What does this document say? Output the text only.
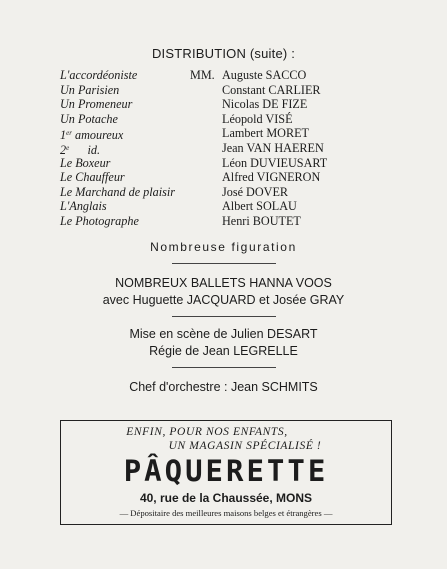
DISTRIBUTION (suite) :
L'accordéoniste	MM. Auguste SACCO
Un Parisien	Constant CARLIER
Un Promeneur	Nicolas DE FIZE
Un Potache	Léopold VISÉ
1er amoureux	Lambert MORET
2e      id.	Jean VAN HAEREN
Le Boxeur	Léon DUVIEUSART
Le Chauffeur	Alfred VIGNERON
Le Marchand de plaisir	José DOVER
L'Anglais	Albert SOLAU
Le Photographe	Henri BOUTET
Nombreuse figuration
NOMBREUX BALLETS HANNA VOOS
avec Huguette JACQUARD et Josée GRAY
Mise en scène de Julien DESART
Régie de Jean LEGRELLE
Chef d'orchestre : Jean SCHMITS
ENFIN, POUR NOS ENFANTS,
UN MAGASIN SPÉCIALISÉ !
PÂQUERETTE
40, rue de la Chaussée, MONS
— Dépositaire des meilleures maisons belges et étrangères —
